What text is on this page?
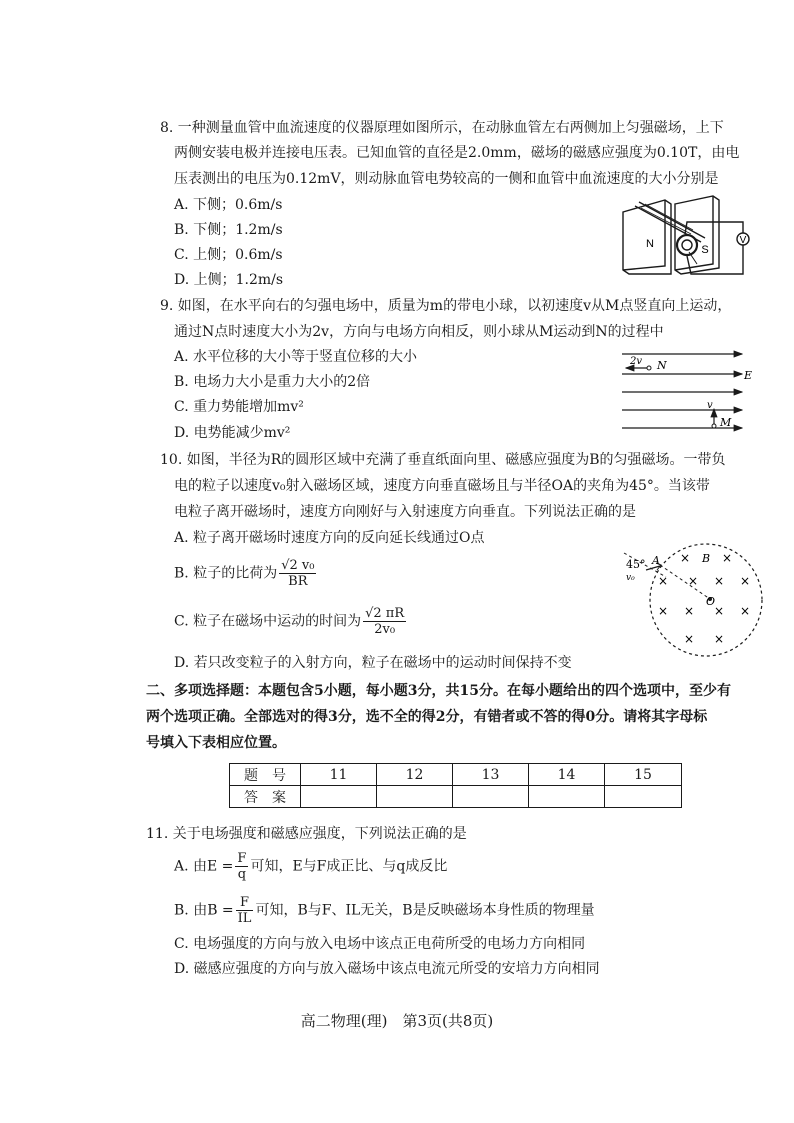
8. 一种测量血管中血流速度的仪器原理如图所示，在动脉血管左右两侧加上匀强磁场，上下
两侧安装电极并连接电压表。已知血管的直径是2.0mm，磁场的磁感应强度为0.10T，由电
压表测出的电压为0.12mV，则动脉血管电势较高的一侧和血管中血流速度的大小分别是
A. 下侧；0.6m/s
B. 下侧；1.2m/s
C. 上侧；0.6m/s
D. 上侧；1.2m/s
V
N	S
9. 如图，在水平向右的匀强电场中，质量为m的带电小球，以初速度v从M点竖直向上运动，
通过N点时速度大小为2v，方向与电场方向相反，则小球从M运动到N的过程中
A. 水平位移的大小等于竖直位移的大小
B. 电场力大小是重力大小的2倍
C. 重力势能增加mv²
D. 电势能减少mv²
2v N
E
v
M
10. 如图，半径为R的圆形区域中充满了垂直纸面向里、磁感应强度为B的匀强磁场。一带负
电的粒子以速度v₀射入磁场区域，速度方向垂直磁场且与半径OA的夹角为45°。当该带
电粒子离开磁场时，速度方向刚好与入射速度方向垂直。下列说法正确的是
A. 粒子离开磁场时速度方向的反向延长线通过O点
B. 粒子的比荷为 $\frac{\text{√2 v₀}}{BR}$
C. 粒子在磁场中运动的时间为 $\frac{√2 \pi R}{\text{2v₀}}$
D. 若只改变粒子的入射方向，粒子在磁场中的运动时间保持不变
×	×
× × × ×
× × × ×
× ×
45°
v₀
A	B
O
二、多项选择题：本题包含5小题，每小题3分，共15分。在每小题给出的四个选项中，至少有
两个选项正确。全部选对的得3分，选不全的得2分，有错者或不答的得0分。请将其字母标
号填入下表相应位置。
题　号	11	12	13	14	15
答　案					
11. 关于电场强度和磁感应强度，下列说法正确的是
A. 由$E = \frac{F}{q}$ 可知，E与F成正比、与q成反比
B. 由$B = \frac{F}{IL}$ 可知，B与F、IL无关，B是反映磁场本身性质的物理量
C. 电场强度的方向与放入电场中该点正电荷所受的电场力方向相同
D. 磁感应强度的方向与放入磁场中该点电流元所受的安培力方向相同
高二物理(理)　第3页(共8页)
